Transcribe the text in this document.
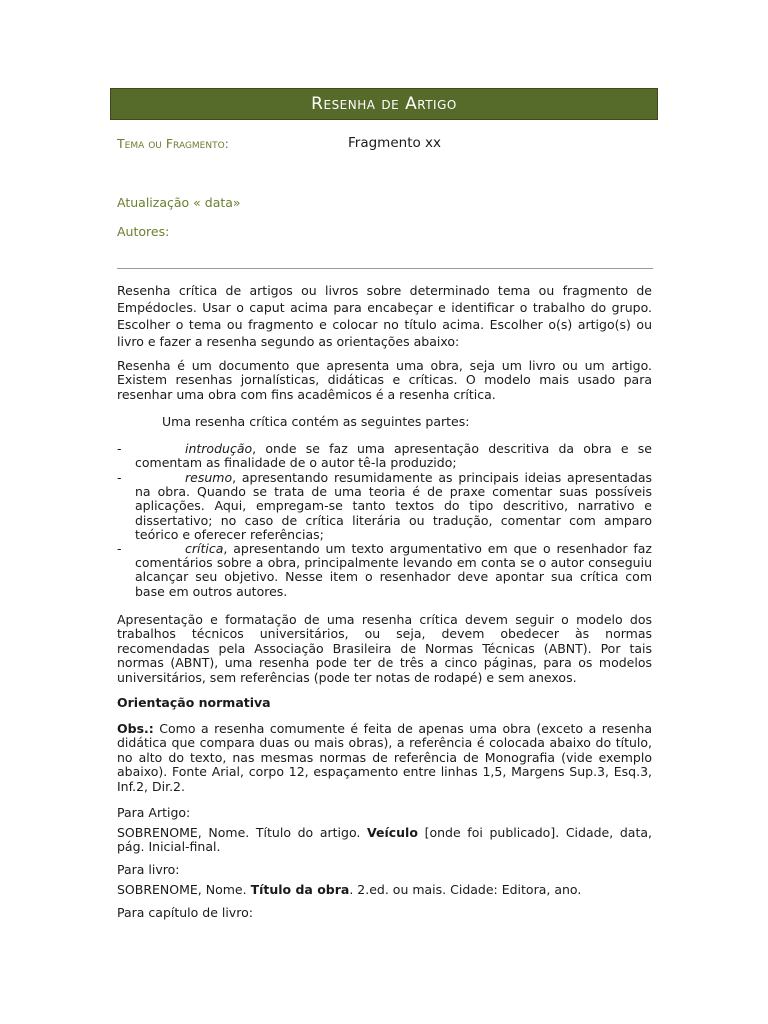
Resenha de Artigo
Tema ou Fragmento:	Fragmento xx
Atualização « data»
Autores:

Resenha crítica de artigos ou livros sobre determinado tema ou fragmento de Empédocles. Usar o caput acima para encabeçar e identificar o trabalho do grupo. Escolher o tema ou fragmento e colocar no título acima. Escolher o(s) artigo(s) ou livro e fazer a resenha segundo as orientações abaixo:

Resenha é um documento que apresenta uma obra, seja um livro ou um artigo. Existem resenhas jornalísticas, didáticas e críticas. O modelo mais usado para resenhar uma obra com fins acadêmicos é a resenha crítica.

Uma resenha crítica contém as seguintes partes:
-	introdução, onde se faz uma apresentação descritiva da obra e se comentam as finalidade de o autor tê-la produzido;
-	resumo, apresentando resumidamente as principais ideias apresentadas na obra. Quando se trata de uma teoria é de praxe comentar suas possíveis aplicações. Aqui, empregam-se tanto textos do tipo descritivo, narrativo e dissertativo; no caso de crítica literária ou tradução, comentar com amparo teórico e oferecer referências;
-	crítica, apresentando um texto argumentativo em que o resenhador faz comentários sobre a obra, principalmente levando em conta se o autor conseguiu alcançar seu objetivo. Nesse item o resenhador deve apontar sua crítica com base em outros autores.

Apresentação e formatação de uma resenha crítica devem seguir o modelo dos trabalhos técnicos universitários, ou seja, devem obedecer às normas recomendadas pela Associação Brasileira de Normas Técnicas (ABNT). Por tais normas (ABNT), uma resenha pode ter de três a cinco páginas, para os modelos universitários, sem referências (pode ter notas de rodapé) e sem anexos.

Orientação normativa

Obs.: Como a resenha comumente é feita de apenas uma obra (exceto a resenha didática que compara duas ou mais obras), a referência é colocada abaixo do título, no alto do texto, nas mesmas normas de referência de Monografia (vide exemplo abaixo). Fonte Arial, corpo 12, espaçamento entre linhas 1,5, Margens Sup.3, Esq.3, Inf.2, Dir.2.

Para Artigo:

SOBRENOME, Nome. Título do artigo. Veículo [onde foi publicado]. Cidade, data, pág. Inicial-final.

Para livro:

SOBRENOME, Nome. Título da obra. 2.ed. ou mais. Cidade: Editora, ano.

Para capítulo de livro:
